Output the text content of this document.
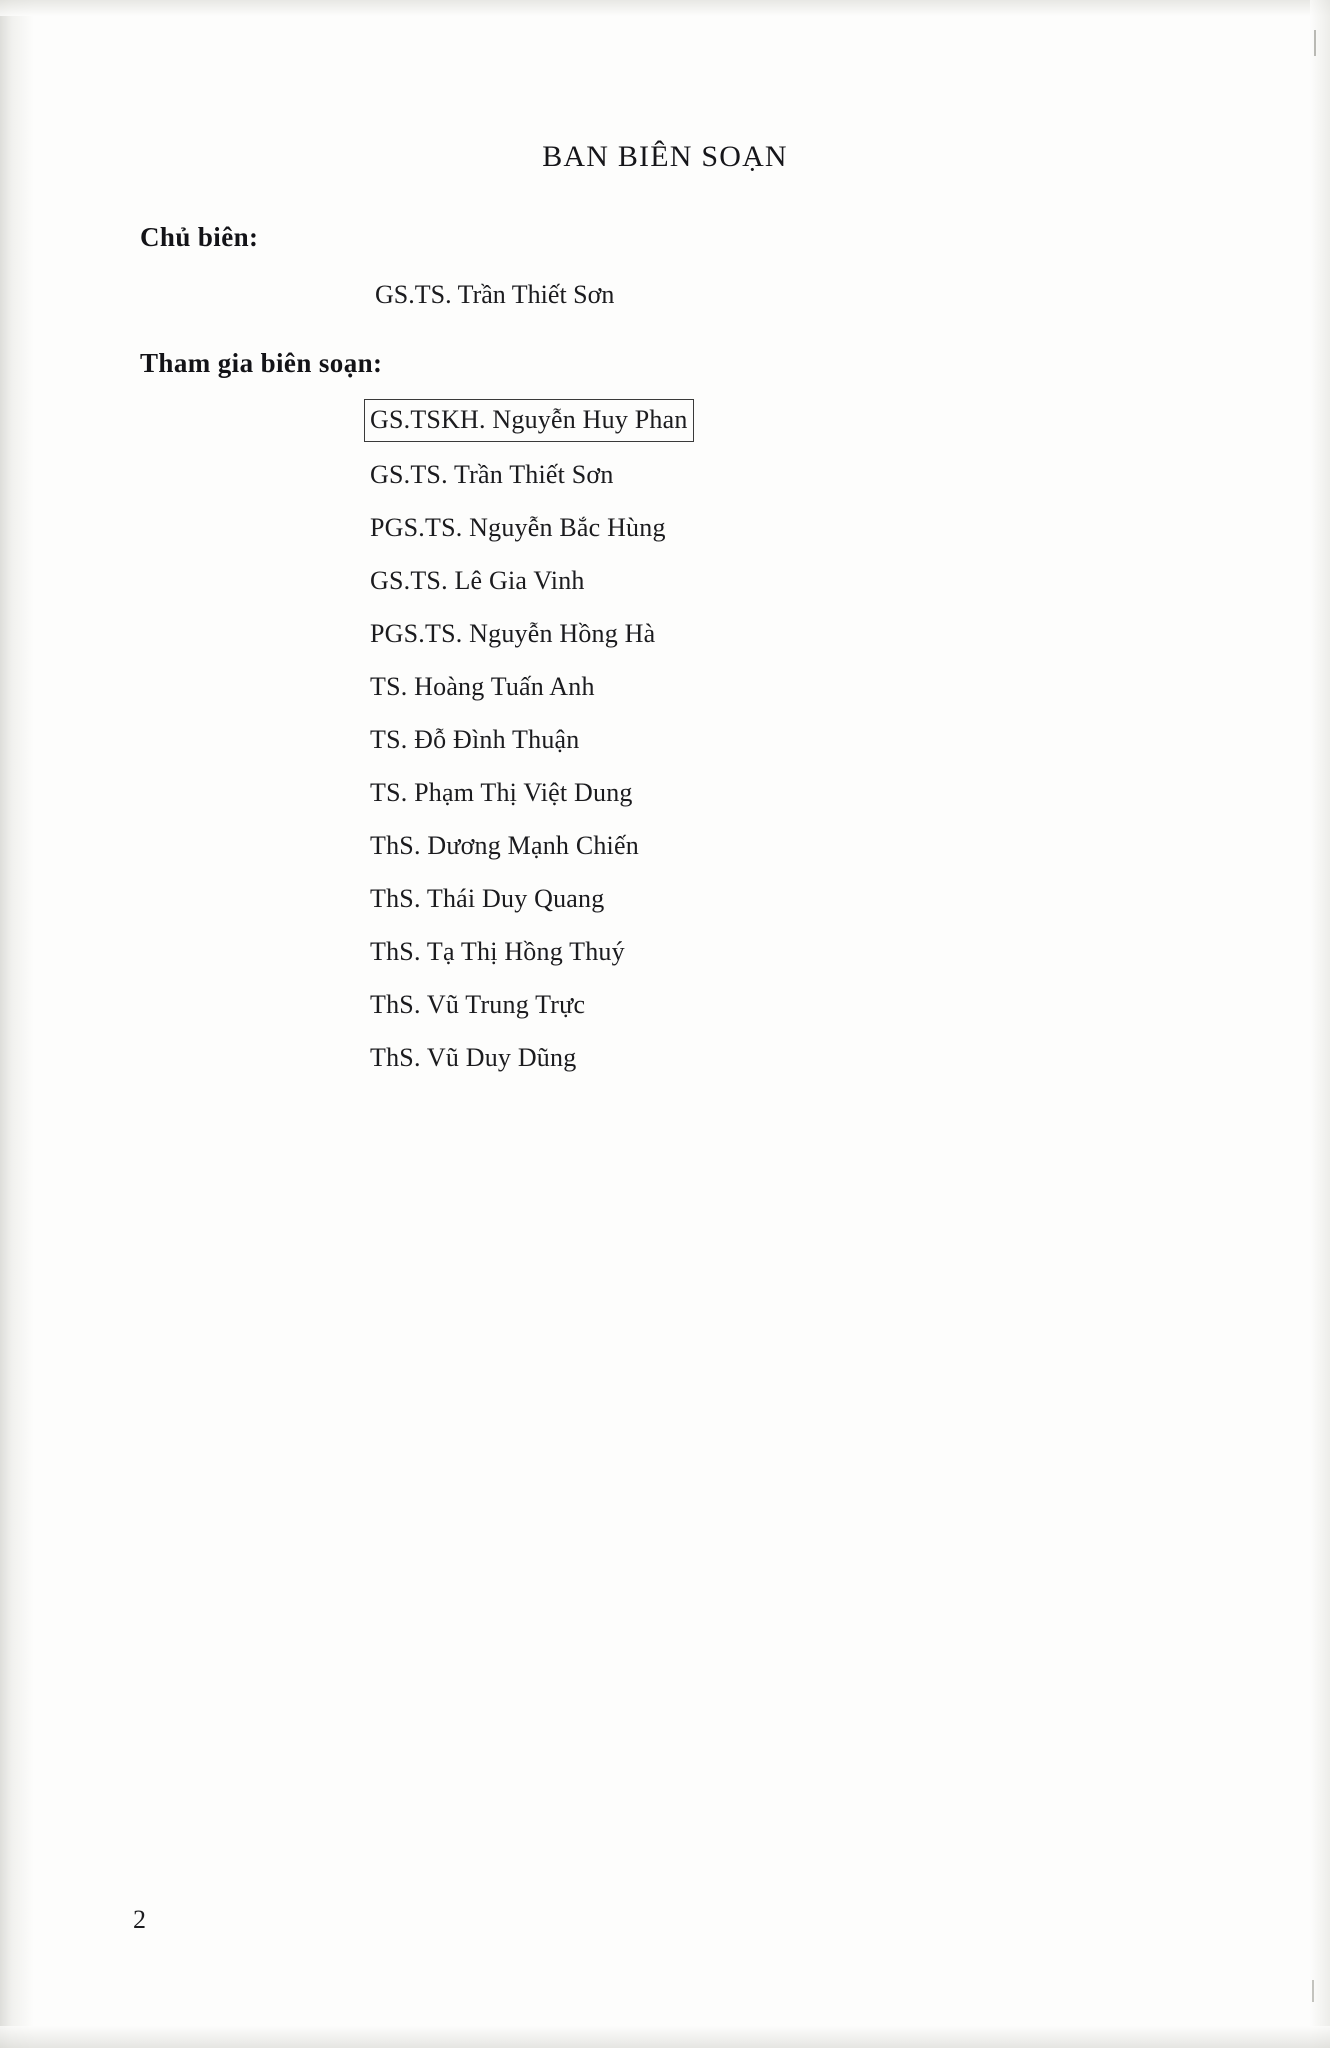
BAN BIÊN SOẠN
Chủ biên:
GS.TS. Trần Thiết Sơn
Tham gia biên soạn:
GS.TSKH. Nguyễn Huy Phan
GS.TS. Trần Thiết Sơn
PGS.TS. Nguyễn Bắc Hùng
GS.TS. Lê Gia Vinh
PGS.TS. Nguyễn Hồng Hà
TS. Hoàng Tuấn Anh
TS. Đỗ Đình Thuận
TS. Phạm Thị Việt Dung
ThS. Dương Mạnh Chiến
ThS. Thái Duy Quang
ThS. Tạ Thị Hồng Thuý
ThS. Vũ Trung Trực
ThS. Vũ Duy Dũng
2
